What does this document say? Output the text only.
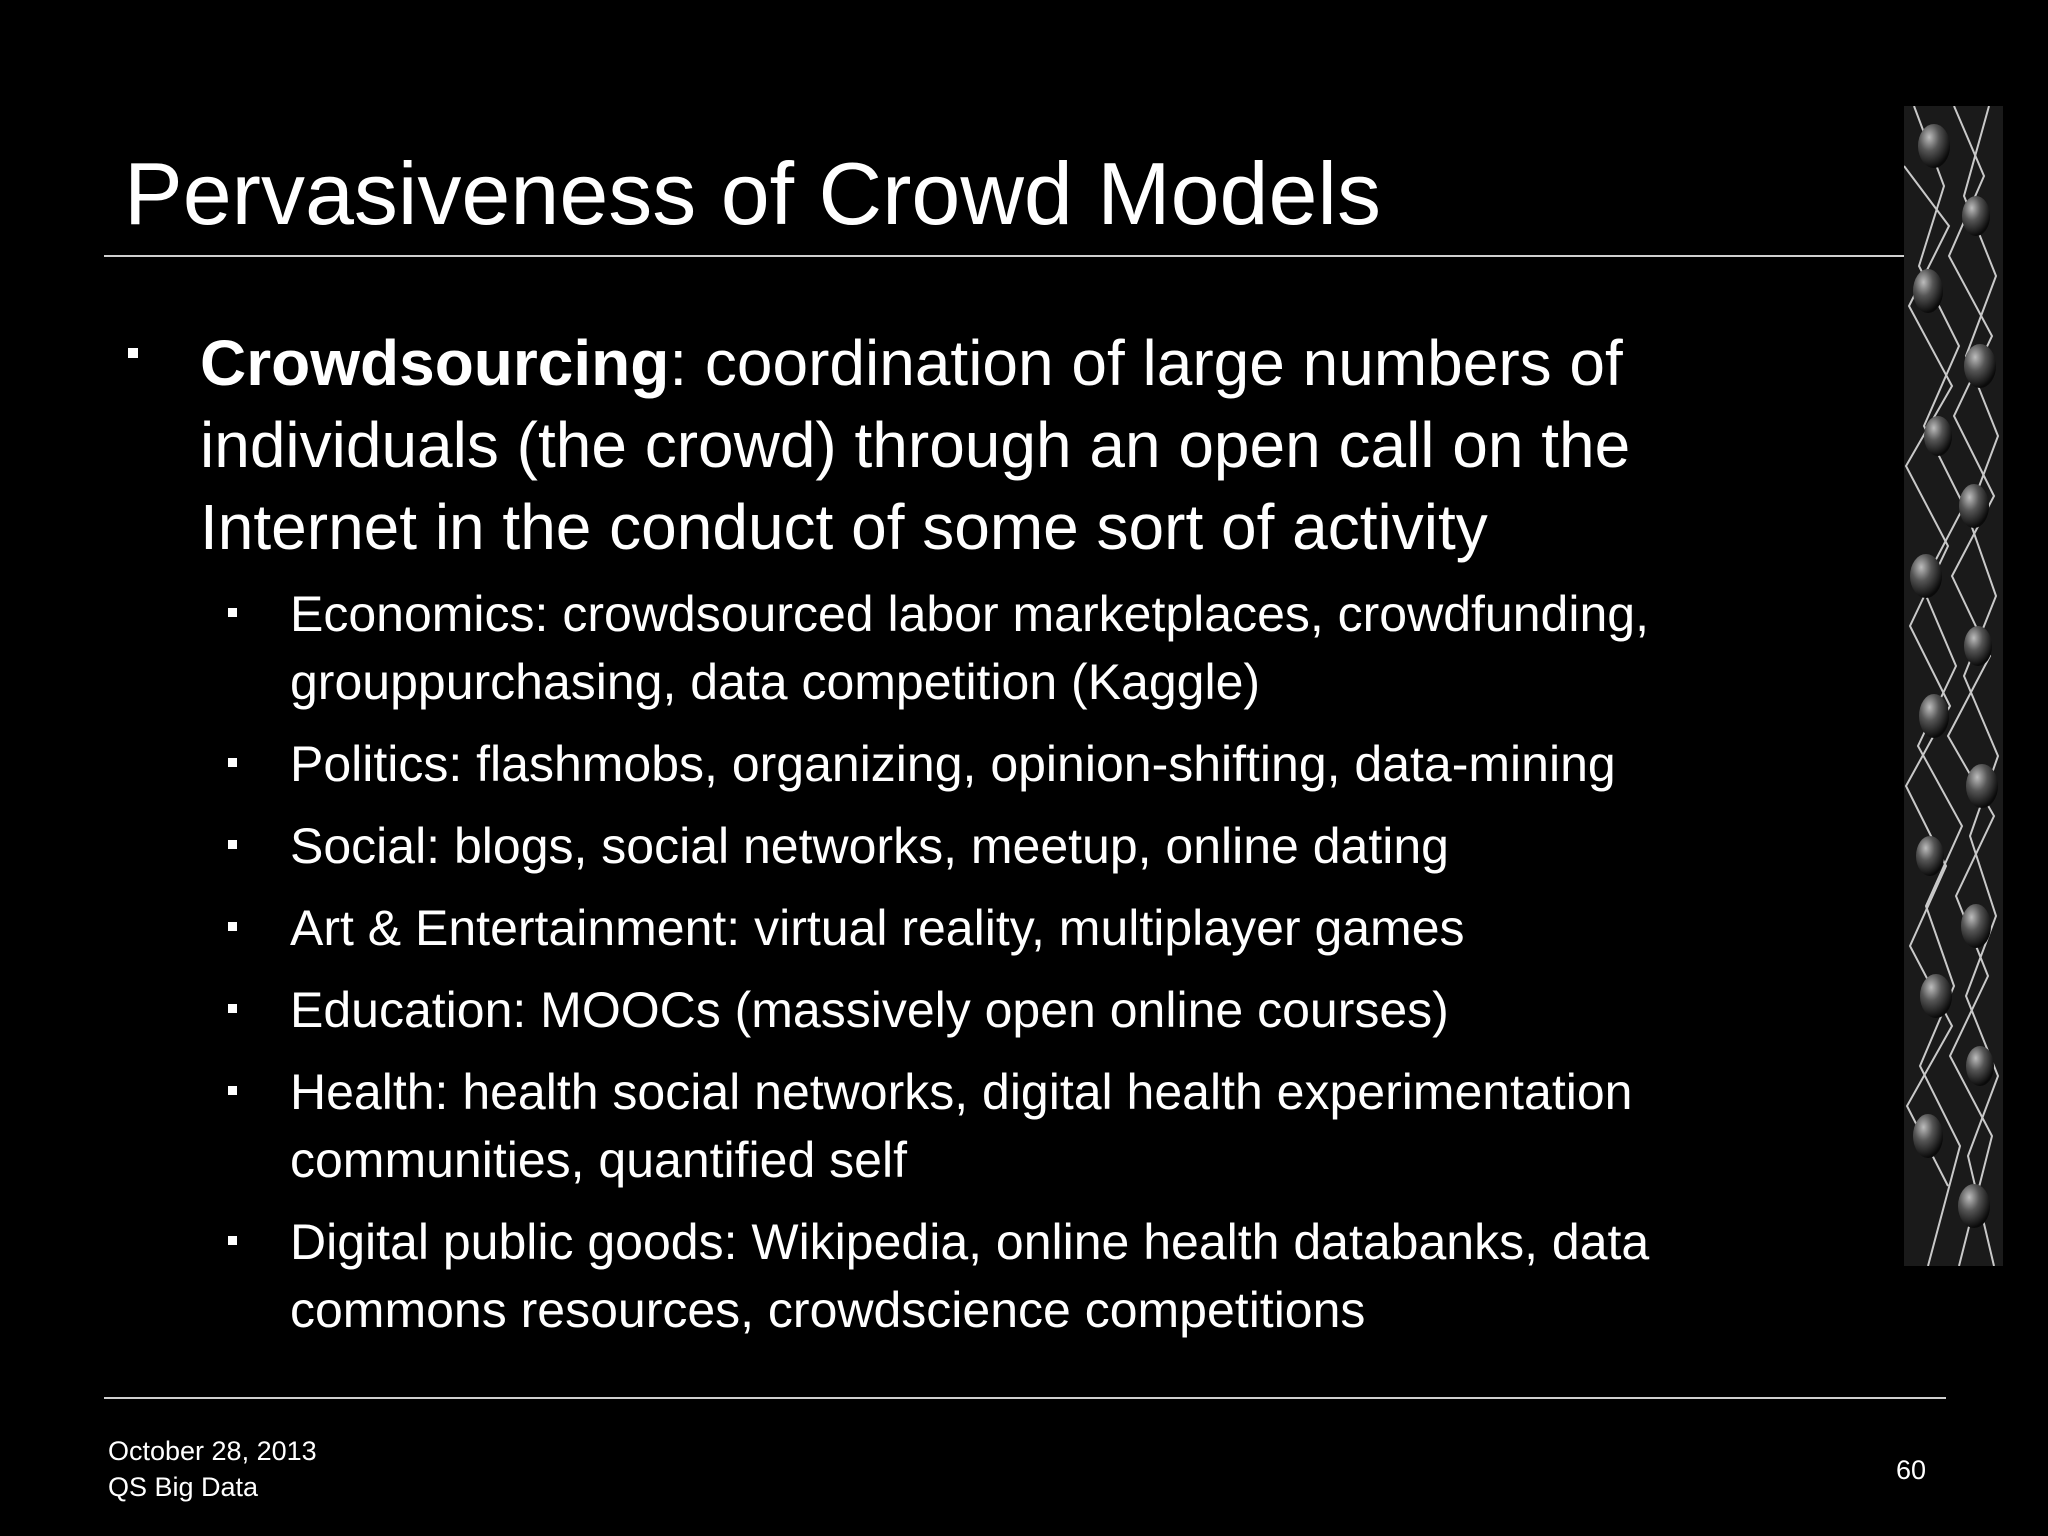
Pervasiveness of Crowd Models
Crowdsourcing: coordination of large numbers of individuals (the crowd) through an open call on the Internet in the conduct of some sort of activity
Economics: crowdsourced labor marketplaces, crowdfunding, grouppurchasing, data competition (Kaggle)
Politics: flashmobs, organizing, opinion-shifting, data-mining
Social: blogs, social networks, meetup, online dating
Art & Entertainment: virtual reality, multiplayer games
Education: MOOCs (massively open online courses)
Health: health social networks, digital health experimentation communities, quantified self
Digital public goods: Wikipedia, online health databanks, data commons resources, crowdscience competitions
October 28, 2013
QS Big Data
60
